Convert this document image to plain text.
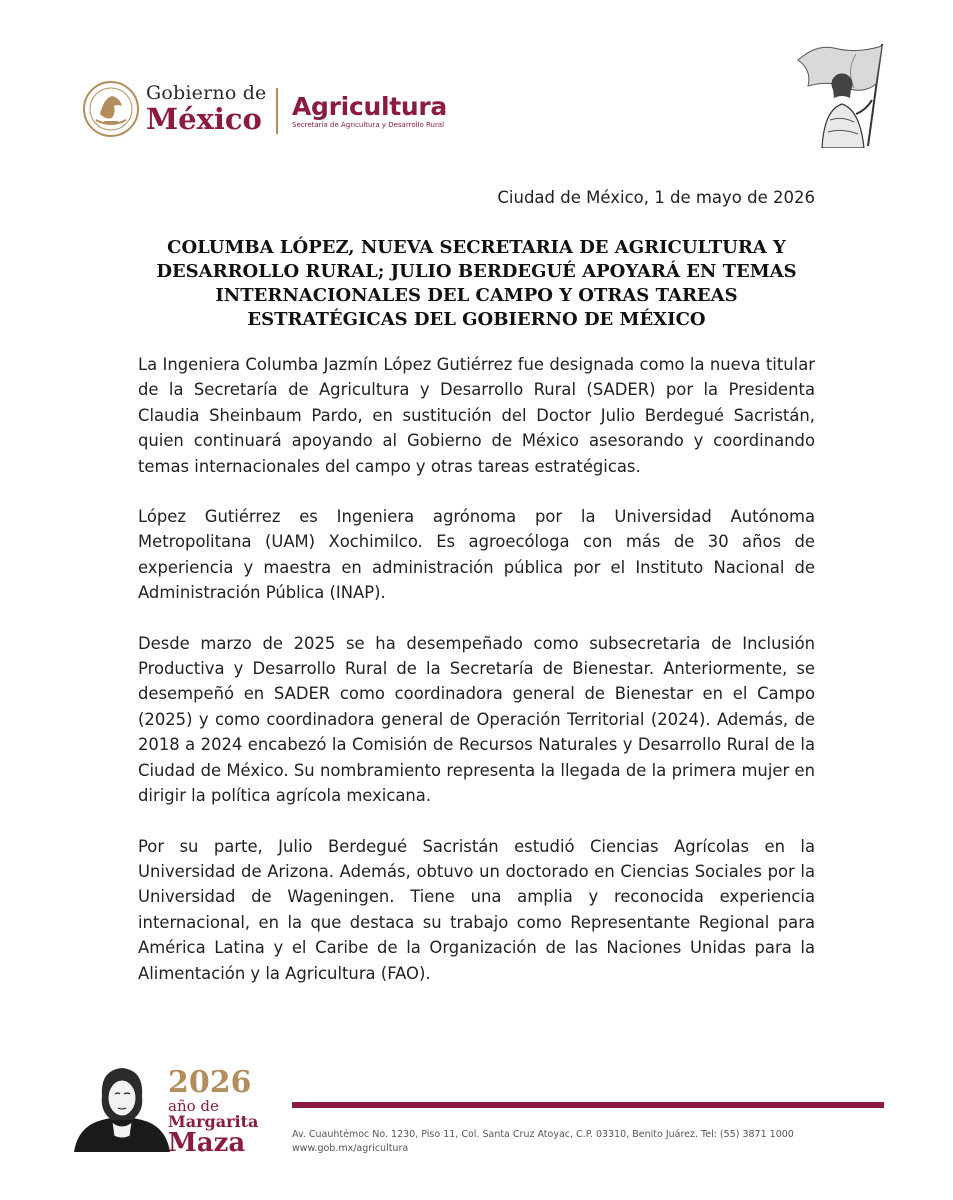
Gobierno de
México Agricultura
Secretaría de Agricultura y Desarrollo Rural
Ciudad de México, 1 de mayo de 2026
COLUMBA LÓPEZ, NUEVA SECRETARIA DE AGRICULTURA Y DESARROLLO RURAL; JULIO BERDEGUÉ APOYARÁ EN TEMAS INTERNACIONALES DEL CAMPO Y OTRAS TAREAS ESTRATÉGICAS DEL GOBIERNO DE MÉXICO

La Ingeniera Columba Jazmín López Gutiérrez fue designada como la nueva titular de la Secretaría de Agricultura y Desarrollo Rural (SADER) por la Presidenta Claudia Sheinbaum Pardo, en sustitución del Doctor Julio Berdegué Sacristán, quien continuará apoyando al Gobierno de México asesorando y coordinando temas internacionales del campo y otras tareas estratégicas.

López Gutiérrez es Ingeniera agrónoma por la Universidad Autónoma Metropolitana (UAM) Xochimilco. Es agroecóloga con más de 30 años de experiencia y maestra en administración pública por el Instituto Nacional de Administración Pública (INAP).

Desde marzo de 2025 se ha desempeñado como subsecretaria de Inclusión Productiva y Desarrollo Rural de la Secretaría de Bienestar. Anteriormente, se desempeñó en SADER como coordinadora general de Bienestar en el Campo (2025) y como coordinadora general de Operación Territorial (2024). Además, de 2018 a 2024 encabezó la Comisión de Recursos Naturales y Desarrollo Rural de la Ciudad de México. Su nombramiento representa la llegada de la primera mujer en dirigir la política agrícola mexicana.

Por su parte, Julio Berdegué Sacristán estudió Ciencias Agrícolas en la Universidad de Arizona. Además, obtuvo un doctorado en Ciencias Sociales por la Universidad de Wageningen. Tiene una amplia y reconocida experiencia internacional, en la que destaca su trabajo como Representante Regional para América Latina y el Caribe de la Organización de las Naciones Unidas para la Alimentación y la Agricultura (FAO).

2026
año de
Margarita
Maza	Av. Cuauhtémoc No. 1230, Piso 11, Col. Santa Cruz Atoyac, C.P. 03310, Benito Juárez. Tel: (55) 3871 1000
www.gob.mx/agricultura
